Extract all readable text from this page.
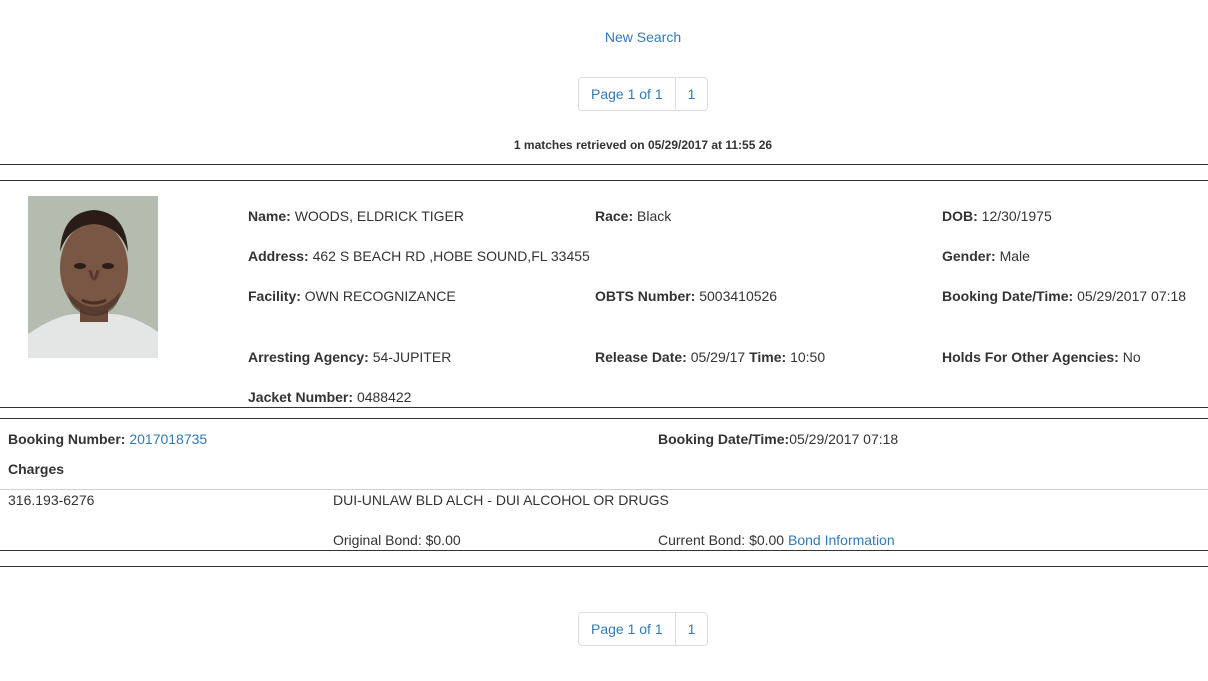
New Search
Page 1 of 1	1
1 matches retrieved on 05/29/2017 at 11:55 26
Name: WOODS, ELDRICK TIGER	Race: Black	DOB: 12/30/1975
Address: 462 S BEACH RD ,HOBE SOUND,FL 33455	Gender: Male
Facility: OWN RECOGNIZANCE	OBTS Number: 5003410526	Booking Date/Time: 05/29/2017 07:18
Arresting Agency: 54-JUPITER	Release Date: 05/29/17 Time: 10:50	Holds For Other Agencies: No
Jacket Number: 0488422
Booking Number: 2017018735	Booking Date/Time:05/29/2017 07:18
Charges
316.193-6276	DUI-UNLAW BLD ALCH - DUI ALCOHOL OR DRUGS
Original Bond: $0.00	Current Bond: $0.00 Bond Information
Page 1 of 1	1
